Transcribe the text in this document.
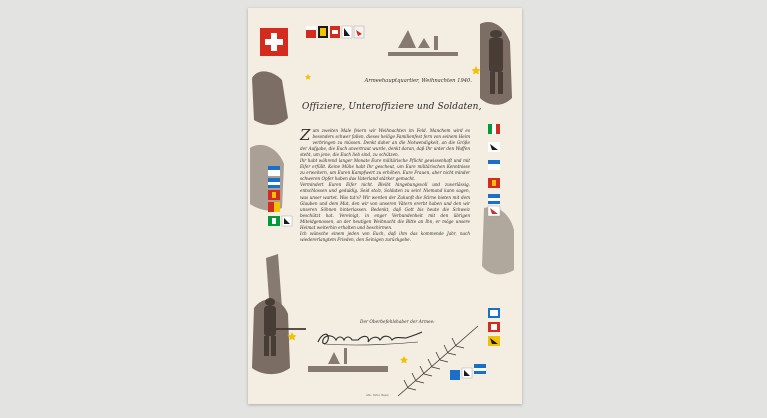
Armeehauptquartier, Weihnachten 1940.
Offiziere, Unteroffiziere und Soldaten,

Zum zweiten Male feiern wir Weihnachten im Feld. Manchem wird es besonders schwer fallen, dieses heilige Familienfest fern von seinem Heim verbringen zu müssen. Denkt daher an die Notwendigkeit, an die Größe der Aufgabe, die Euch anvertraut wurde, denkt daran, daß Ihr unter den Waffen steht, um jene, die Euch lieb sind, zu schützen.

Ihr habt während langer Monate Eure militärische Pflicht gewissenhaft und mit Eifer erfüllt. Keine Mühe habt Ihr gescheut, um Eure militärischen Kenntnisse zu erweitern, um Euren Kampfwert zu erhöhen. Eure Frauen, aber nicht minder schweren Opfer haben das Vaterland stärker gemacht.

Vermindert Euren Eifer nicht. Bleibt hingebungsvoll und zuverlässig, entschlossen und geduldig. Seid stolz, Soldaten zu sein! Niemand kann sagen, was unser wartet. Was tut's? Wir werden der Zukunft die Stirne bieten mit dem Glauben und dem Mut, den wir von unseren Vätern ererbt haben und den wir unseren Söhnen hinterlassen. Bedenkt, daß Gott bis heute die Schweiz beschützt hat. Vereinigt, in enger Verbundenheit mit den übrigen Miteidgenossen, an der heutigen Weihnacht die Bitte an Ihn, er möge unsere Heimat weiterhin erhalten und beschirmen.

Ich wünsche einem jeden von Euch, daß ihm das kommende Jahr, nach wiedererlangtem Frieden, den Seinigen zurückgebe.

Der Oberbefehlshaber der Armee:
Abb. Stöbi. Basel
